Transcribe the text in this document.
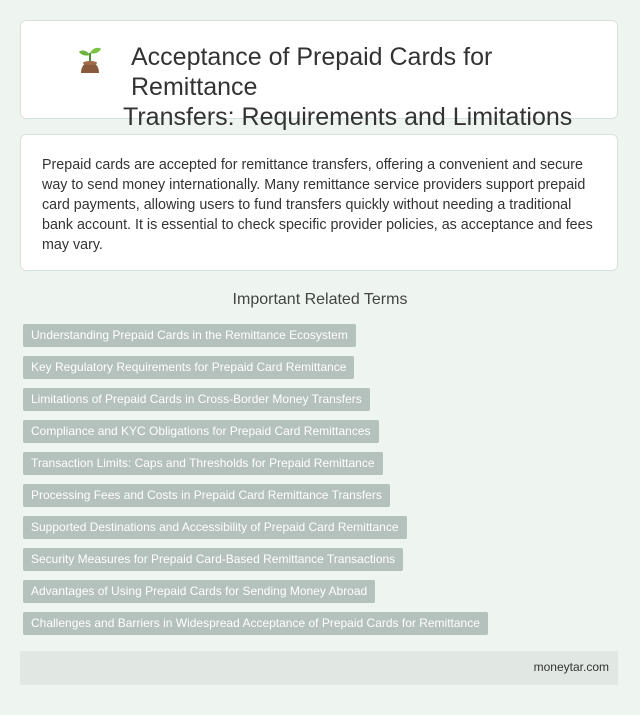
Acceptance of Prepaid Cards for Remittance
Transfers: Requirements and Limitations

Prepaid cards are accepted for remittance transfers, offering a convenient and secure way to send money internationally. Many remittance service providers support prepaid card payments, allowing users to fund transfers quickly without needing a traditional bank account. It is essential to check specific provider policies, as acceptance and fees may vary.

Important Related Terms
Understanding Prepaid Cards in the Remittance Ecosystem
Key Regulatory Requirements for Prepaid Card Remittance
Limitations of Prepaid Cards in Cross-Border Money Transfers
Compliance and KYC Obligations for Prepaid Card Remittances
Transaction Limits: Caps and Thresholds for Prepaid Remittance
Processing Fees and Costs in Prepaid Card Remittance Transfers
Supported Destinations and Accessibility of Prepaid Card Remittance
Security Measures for Prepaid Card-Based Remittance Transactions
Advantages of Using Prepaid Cards for Sending Money Abroad
Challenges and Barriers in Widespread Acceptance of Prepaid Cards for Remittance
moneytar.com
